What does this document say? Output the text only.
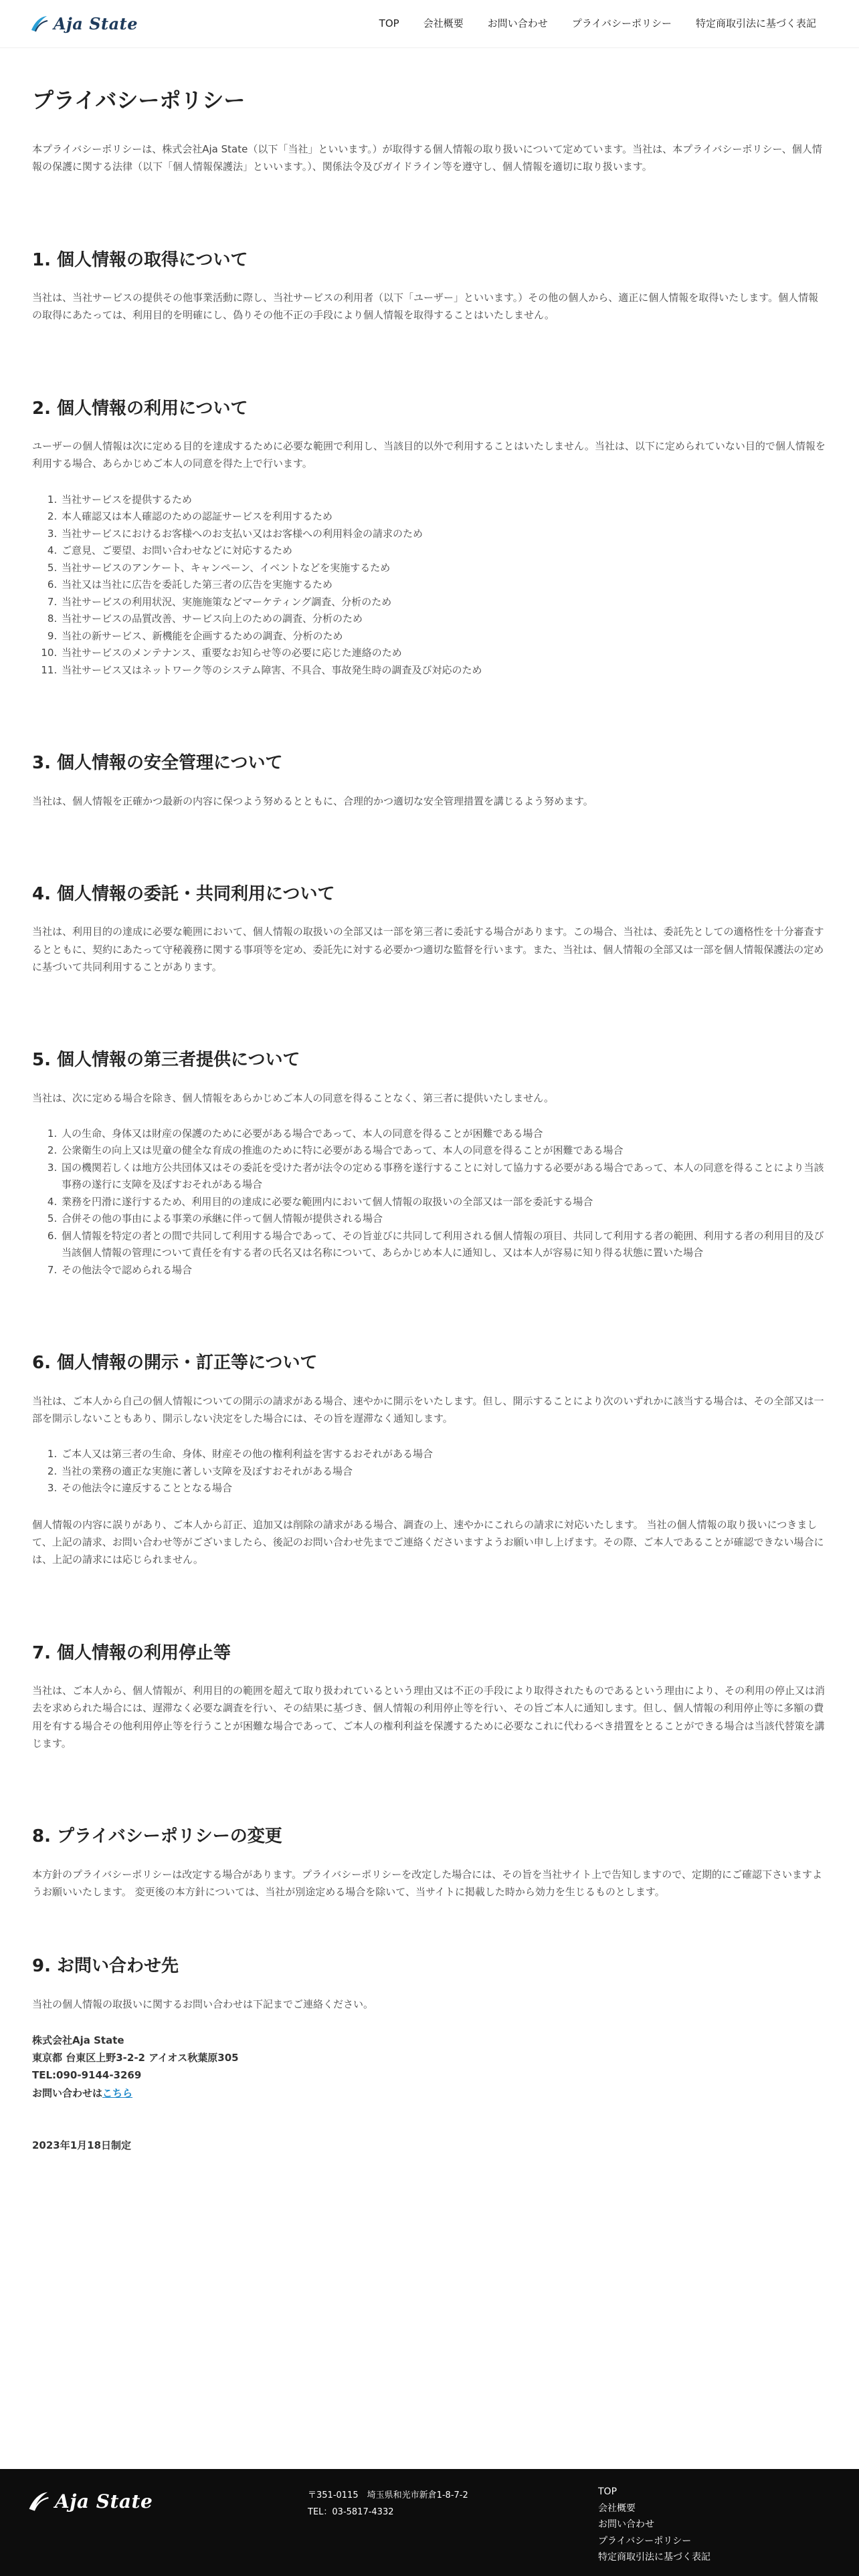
Aja State	TOP 会社概要 お問い合わせ プライバシーポリシー 特定商取引法に基づく表記
プライバシーポリシー

本プライバシーポリシーは、株式会社Aja State（以下「当社」といいます。）が取得する個人情報の取り扱いについて定めています。当社は、本プライバシーポリシー、個人情報の保護に関する法律（以下「個人情報保護法」といいます。）、関係法令及びガイドライン等を遵守し、個人情報を適切に取り扱います。

1. 個人情報の取得について

当社は、当社サービスの提供その他事業活動に際し、当社サービスの利用者（以下「ユーザー」といいます。）その他の個人から、適正に個人情報を取得いたします。個人情報の取得にあたっては、利用目的を明確にし、偽りその他不正の手段により個人情報を取得することはいたしません。

2. 個人情報の利用について

ユーザーの個人情報は次に定める目的を達成するために必要な範囲で利用し、当該目的以外で利用することはいたしません。当社は、以下に定められていない目的で個人情報を利用する場合、あらかじめご本人の同意を得た上で行います。

1. 当社サービスを提供するため
2. 本人確認又は本人確認のための認証サービスを利用するため
3. 当社サービスにおけるお客様へのお支払い又はお客様への利用料金の請求のため
4. ご意見、ご要望、お問い合わせなどに対応するため
5. 当社サービスのアンケート、キャンペーン、イベントなどを実施するため
6. 当社又は当社に広告を委託した第三者の広告を実施するため
7. 当社サービスの利用状況、実施施策などマーケティング調査、分析のため
8. 当社サービスの品質改善、サービス向上のための調査、分析のため
9. 当社の新サービス、新機能を企画するための調査、分析のため
10. 当社サービスのメンテナンス、重要なお知らせ等の必要に応じた連絡のため
11. 当社サービス又はネットワーク等のシステム障害、不具合、事故発生時の調査及び対応のため
3. 個人情報の安全管理について

当社は、個人情報を正確かつ最新の内容に保つよう努めるとともに、合理的かつ適切な安全管理措置を講じるよう努めます。

4. 個人情報の委託・共同利用について

当社は、利用目的の達成に必要な範囲において、個人情報の取扱いの全部又は一部を第三者に委託する場合があります。この場合、当社は、委託先としての適格性を十分審査するとともに、契約にあたって守秘義務に関する事項等を定め、委託先に対する必要かつ適切な監督を行います。また、当社は、個人情報の全部又は一部を個人情報保護法の定めに基づいて共同利用することがあります。

5. 個人情報の第三者提供について

当社は、次に定める場合を除き、個人情報をあらかじめご本人の同意を得ることなく、第三者に提供いたしません。

1. 人の生命、身体又は財産の保護のために必要がある場合であって、本人の同意を得ることが困難である場合
2. 公衆衛生の向上又は児童の健全な育成の推進のために特に必要がある場合であって、本人の同意を得ることが困難である場合
3. 国の機関若しくは地方公共団体又はその委託を受けた者が法令の定める事務を遂行することに対して協力する必要がある場合であって、本人の同意を得ることにより当該事務の遂行に支障を及ぼすおそれがある場合
4. 業務を円滑に遂行するため、利用目的の達成に必要な範囲内において個人情報の取扱いの全部又は一部を委託する場合
5. 合併その他の事由による事業の承継に伴って個人情報が提供される場合
6. 個人情報を特定の者との間で共同して利用する場合であって、その旨並びに共同して利用される個人情報の項目、共同して利用する者の範囲、利用する者の利用目的及び当該個人情報の管理について責任を有する者の氏名又は名称について、あらかじめ本人に通知し、又は本人が容易に知り得る状態に置いた場合
7. その他法令で認められる場合
6. 個人情報の開示・訂正等について

当社は、ご本人から自己の個人情報についての開示の請求がある場合、速やかに開示をいたします。但し、開示することにより次のいずれかに該当する場合は、その全部又は一部を開示しないこともあり、開示しない決定をした場合には、その旨を遅滞なく通知します。

1. ご本人又は第三者の生命、身体、財産その他の権利利益を害するおそれがある場合
2. 当社の業務の適正な実施に著しい支障を及ぼすおそれがある場合
3. その他法令に違反することとなる場合

個人情報の内容に誤りがあり、ご本人から訂正、追加又は削除の請求がある場合、調査の上、速やかにこれらの請求に対応いたします。 当社の個人情報の取り扱いにつきまして、上記の請求、お問い合わせ等がございましたら、後記のお問い合わせ先までご連絡くださいますようお願い申し上げます。その際、ご本人であることが確認できない場合には、上記の請求には応じられません。

7. 個人情報の利用停止等

当社は、ご本人から、個人情報が、利用目的の範囲を超えて取り扱われているという理由又は不正の手段により取得されたものであるという理由により、その利用の停止又は消去を求められた場合には、遅滞なく必要な調査を行い、その結果に基づき、個人情報の利用停止等を行い、その旨ご本人に通知します。但し、個人情報の利用停止等に多額の費用を有する場合その他利用停止等を行うことが困難な場合であって、ご本人の権利利益を保護するために必要なこれに代わるべき措置をとることができる場合は当該代替策を講じます。

8. プライバシーポリシーの変更

本方針のプライバシーポリシーは改定する場合があります。プライバシーポリシーを改定した場合には、その旨を当社サイト上で告知しますので、定期的にご確認下さいますようお願いいたします。 変更後の本方針については、当社が別途定める場合を除いて、当サイトに掲載した時から効力を生じるものとします。

9. お問い合わせ先

当社の個人情報の取扱いに関するお問い合わせは下記までご連絡ください。

株式会社Aja State
東京都 台東区上野3-2-2 アイオス秋葉原305
TEL:090-9144-3269
お問い合わせはこちら
2023年1月18日制定
Aja State	〒351-0115　埼玉県和光市新倉1-8-7-2
TEL：03-5817-4332
TOP
会社概要
お問い合わせ
プライバシーポリシー
特定商取引法に基づく表記
